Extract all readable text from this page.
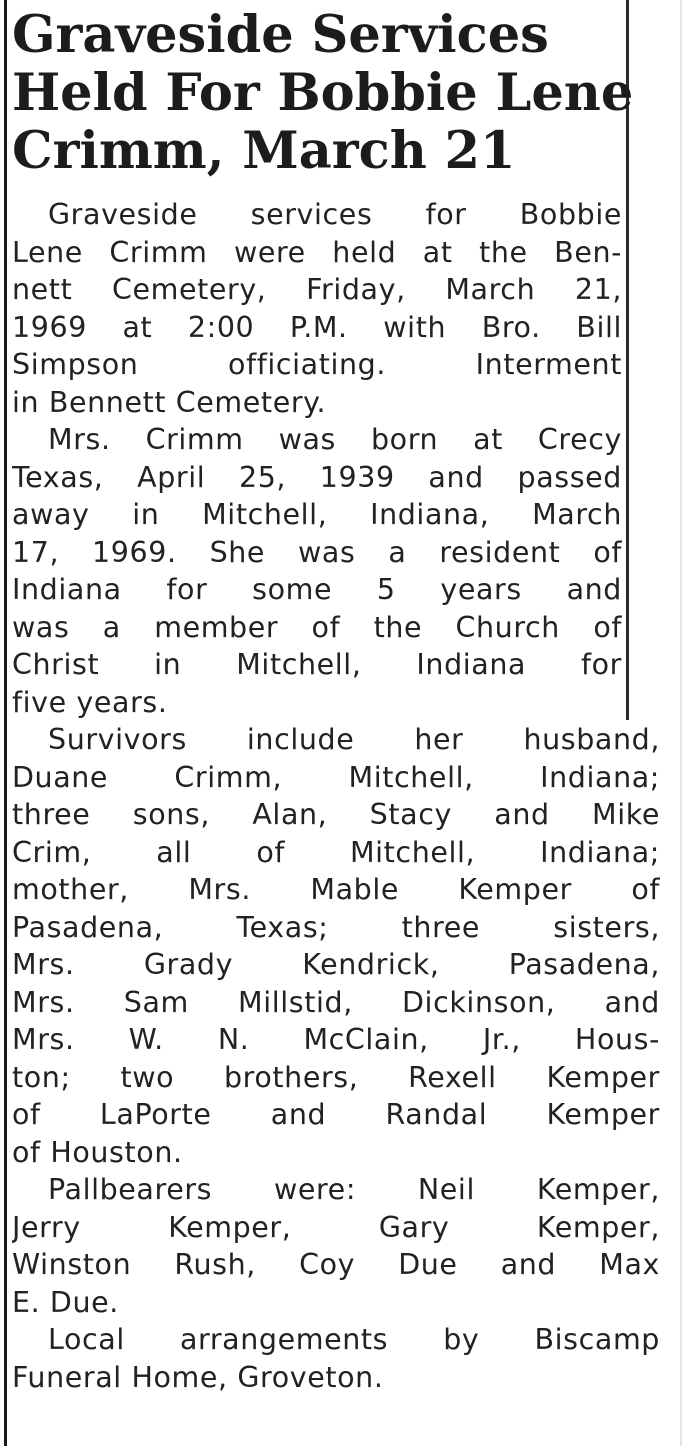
Graveside Services
Held For Bobbie Lene
Crimm, March 21
Graveside services for Bobbie
Lene Crimm were held at the Ben-
nett Cemetery, Friday, March 21,
1969 at 2:00 P.M. with Bro. Bill
Simpson officiating. Interment
in Bennett Cemetery.
Mrs. Crimm was born at Crecy
Texas, April 25, 1939 and passed
away in Mitchell, Indiana, March
17, 1969. She was a resident of
Indiana for some 5 years and
was a member of the Church of
Christ in Mitchell, Indiana for
five years.
Survivors include her husband,
Duane Crimm, Mitchell, Indiana;
three sons, Alan, Stacy and Mike
Crim, all of Mitchell, Indiana;
mother, Mrs. Mable Kemper of
Pasadena, Texas; three sisters,
Mrs. Grady Kendrick, Pasadena,
Mrs. Sam Millstid, Dickinson, and
Mrs. W. N. McClain, Jr., Hous-
ton; two brothers, Rexell Kemper
of LaPorte and Randal Kemper
of Houston.
Pallbearers were: Neil Kemper,
Jerry Kemper, Gary Kemper,
Winston Rush, Coy Due and Max
E. Due.
Local arrangements by Biscamp
Funeral Home, Groveton.
